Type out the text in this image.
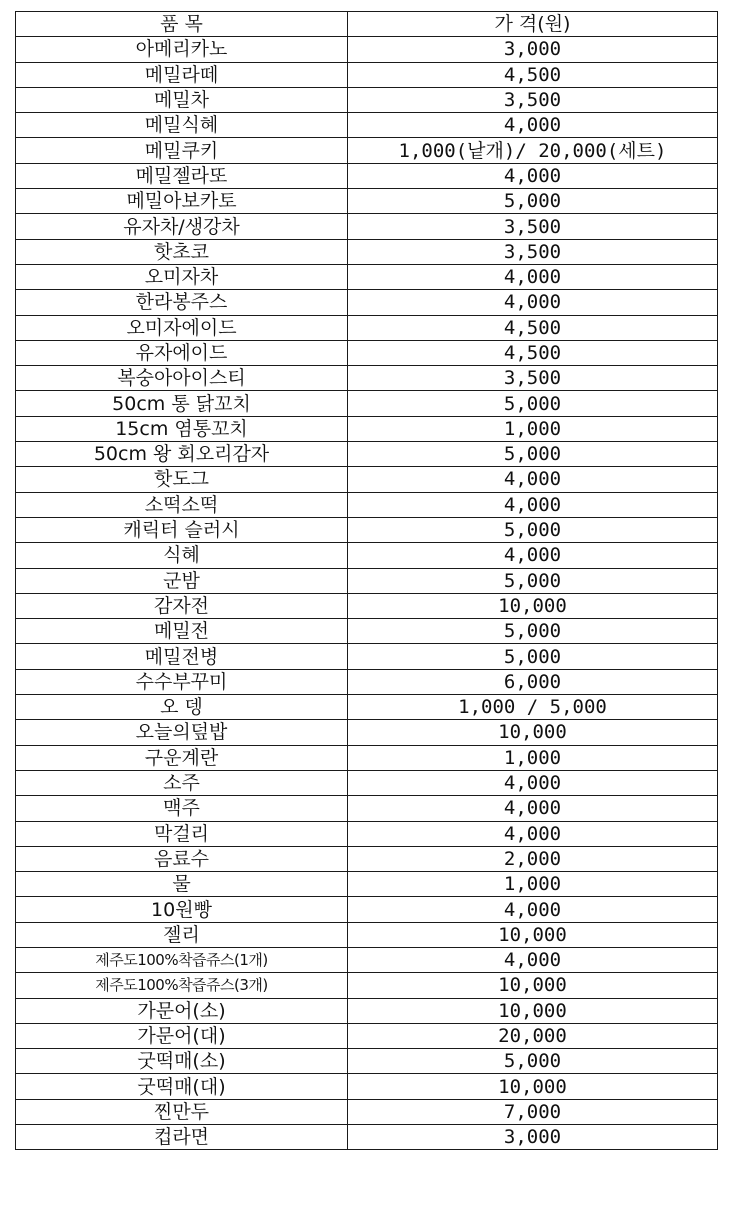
품 목	가 격(원)
아메리카노	3,000
메밀라떼	4,500
메밀차	3,500
메밀식혜	4,000
메밀쿠키	1,000(낱개)/ 20,000(세트)
메밀젤라또	4,000
메밀아보카토	5,000
유자차/생강차	3,500
핫초코	3,500
오미자차	4,000
한라봉주스	4,000
오미자에이드	4,500
유자에이드	4,500
복숭아아이스티	3,500
50cm 통 닭꼬치	5,000
15cm 염통꼬치	1,000
50cm 왕 회오리감자	5,000
핫도그	4,000
소떡소떡	4,000
캐릭터 슬러시	5,000
식혜	4,000
군밤	5,000
감자전	10,000
메밀전	5,000
메밀전병	5,000
수수부꾸미	6,000
오 뎅	1,000 / 5,000
오늘의덮밥	10,000
구운계란	1,000
소주	4,000
맥주	4,000
막걸리	4,000
음료수	2,000
물	1,000
10원빵	4,000
젤리	10,000
제주도100%착즙쥬스(1개)	4,000
제주도100%착즙쥬스(3개)	10,000
가문어(소)	10,000
가문어(대)	20,000
굿떡매(소)	5,000
굿떡매(대)	10,000
찐만두	7,000
컵라면	3,000
